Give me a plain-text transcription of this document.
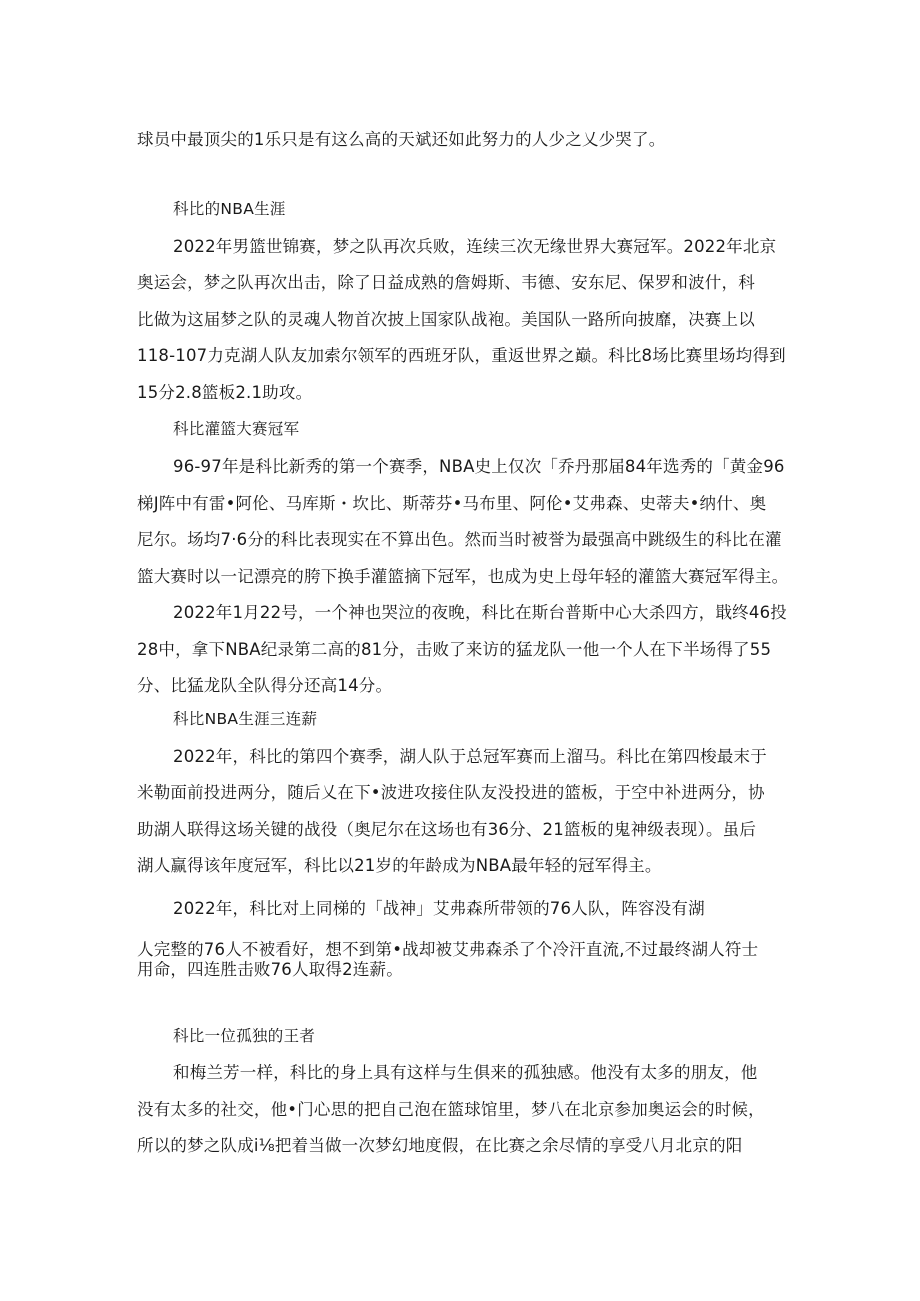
球员中最顶尖的1乐只是有这么高的天斌还如此努力的人少之乂少哭了。
科比的NBA生涯
2022年男篮世锦赛，梦之队再次兵败，连续三次无缘世界大赛冠军。2022年北京
奥运会，梦之队再次出击，除了日益成熟的詹姆斯、韦德、安东尼、保罗和波什，科
比做为这届梦之队的灵魂人物首次披上国家队战袍。美国队一路所向披靡，决赛上以
118-107力克湖人队友加索尔领军的西班牙队，重返世界之巅。科比8场比赛里场均得到
15分2.8篮板2.1助攻。
科比灌篮大赛冠军
96-97年是科比新秀的第一个赛季，NBA史上仅次「乔丹那届84年选秀的「黄金96
梯J阵中有雷•阿伦、马库斯・坎比、斯蒂芬•马布里、阿伦•艾弗森、史蒂夫•纳什、奥
尼尔。场均7·6分的科比表现实在不算出色。然而当时被誉为最强高中跳级生的科比在灌
篮大赛时以一记漂亮的胯下换手灌篮摘下冠军，也成为史上母年轻的灌篮大赛冠军得主。
2022年1月22号，一个神也哭泣的夜晚，科比在斯台普斯中心大杀四方，戢终46投
28中，拿下NBA纪录第二高的81分，击败了来访的猛龙队一他一个人在下半场得了55
分、比猛龙队全队得分还高14分。
科比NBA生涯三连薪
2022年，科比的第四个赛季，湖人队于总冠军赛而上溜马。科比在第四梭最末于
米勒面前投进两分，随后乂在下•波进攻接住队友没投进的篮板，于空中补进两分，协
助湖人联得这场关键的战役（奥尼尔在这场也有36分、21篮板的鬼神级表现）。虽后
湖人赢得该年度冠军，科比以21岁的年龄成为NBA最年轻的冠军得主。
2022年，科比对上同梯的「战神」艾弗森所带领的76人队，阵容没有湖
人完整的76人不被看好，想不到第•战却被艾弗森杀了个冷汗直流,不过最终湖人符士
用命，四连胜击败76人取得2连薪。
科比一位孤独的王者
和梅兰芳一样，科比的身上具有这样与生俱来的孤独感。他没有太多的朋友，他
没有太多的社交，他•门心思的把自己泡在篮球馆里，梦八在北京参加奥运会的时候，
所以的梦之队成i⅛把着当做一次梦幻地度假，在比赛之余尽情的享受八月北京的阳
